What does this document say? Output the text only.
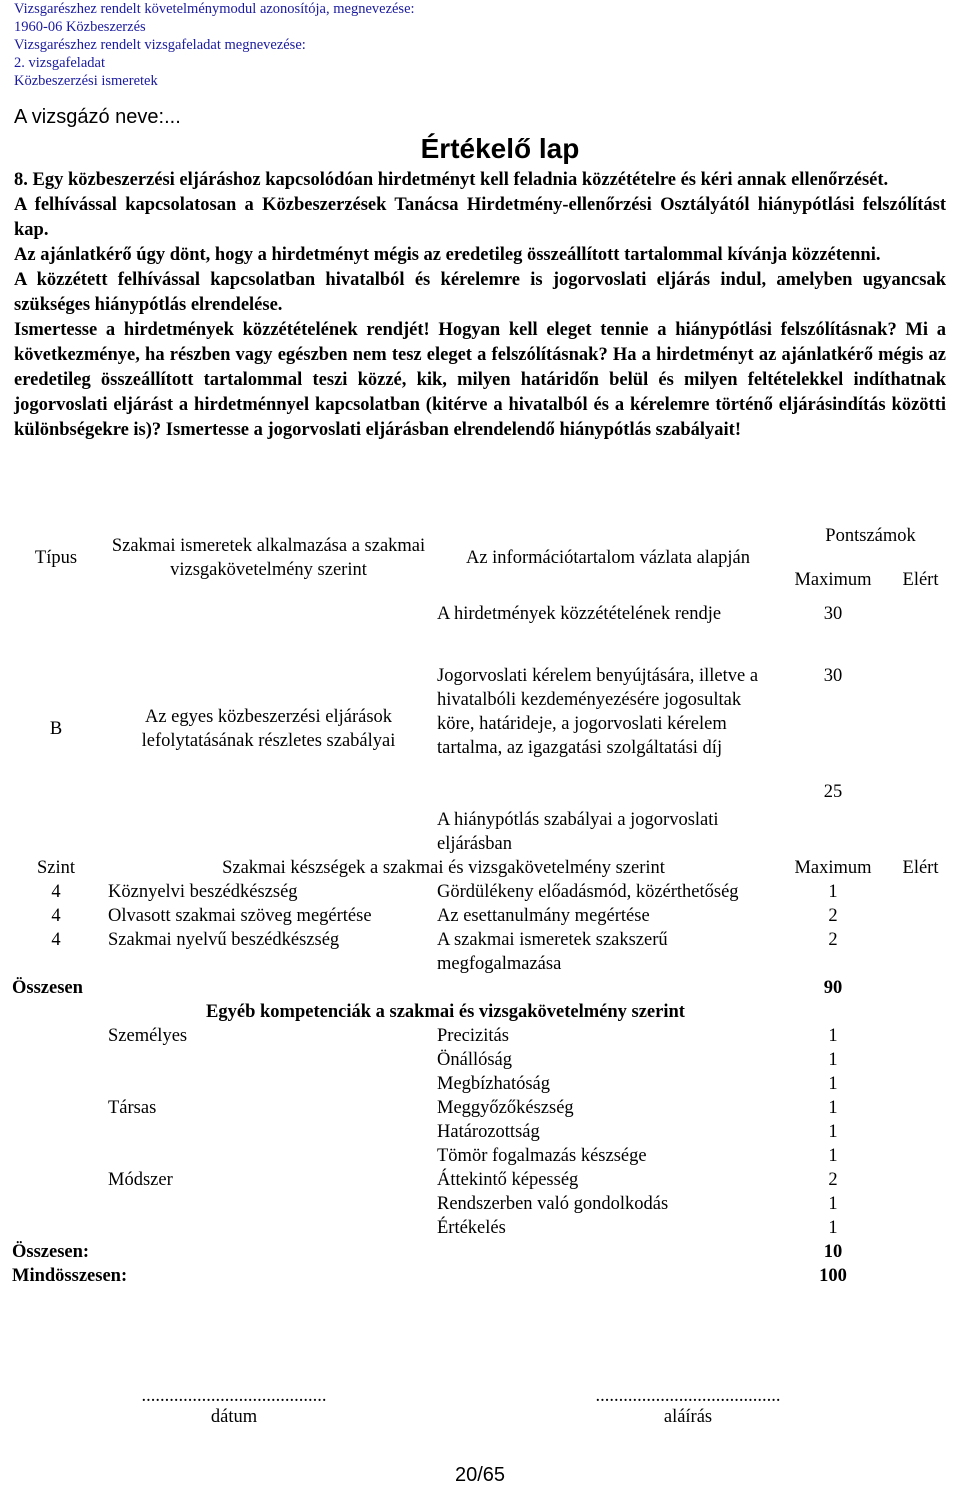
Vizsgarészhez rendelt követelménymodul azonosítója, megnevezése:
1960-06 Közbeszerzés
Vizsgarészhez rendelt vizsgafeladat megnevezése:
2. vizsgafeladat
Közbeszerzési ismeretek
A vizsgázó neve:...
Értékelő lap

8. Egy közbeszerzési eljáráshoz kapcsolódóan hirdetményt kell feladnia közzétételre és kéri annak ellenőrzését.

A felhívással kapcsolatosan a Közbeszerzések Tanácsa Hirdetmény-ellenőrzési Osztályától hiánypótlási felszólítást kap.

Az ajánlatkérő úgy dönt, hogy a hirdetményt mégis az eredetileg összeállított tartalommal kívánja közzétenni.

A közzétett felhívással kapcsolatban hivatalból és kérelemre is jogorvoslati eljárás indul, amelyben ugyancsak szükséges hiánypótlás elrendelése.

Ismertesse a hirdetmények közzétételének rendjét! Hogyan kell eleget tennie a hiánypótlási felszólításnak? Mi a következménye, ha részben vagy egészben nem tesz eleget a felszólításnak? Ha a hirdetményt az ajánlatkérő mégis az eredetileg összeállított tartalommal teszi közzé, kik, milyen határidőn belül és milyen feltételekkel indíthatnak jogorvoslati eljárást a hirdetménnyel kapcsolatban (kitérve a hivatalból és a kérelemre történő eljárásindítás közötti különbségekre is)? Ismertesse a jogorvoslati eljárásban elrendelendő hiánypótlás szabályait!

Típus	Szakmai ismeretek alkalmazása a szakmai vizsgakövetelmény szerint	Az információtartalom vázlata alapján	Pontszámok	
			Maximum	Elért
B	Az egyes közbeszerzési eljárások lefolytatásának részletes szabályai	A hirdetmények közzétételének rendje	30	
		Jogorvoslati kérelem benyújtására, illetve a hivatalbóli kezdeményezésére jogosultak köre, határideje, a jogorvoslati kérelem tartalma, az igazgatási szolgáltatási díj	30	
		A hiánypótlás szabályai a jogorvoslati eljárásban	25	
Szint	Szakmai készségek a szakmai és vizsgakövetelmény szerint		Maximum	Elért
4	Köznyelvi beszédkészség	Gördülékeny előadásmód, közérthetőség	1	
4	Olvasott szakmai szöveg megértése	Az esettanulmány megértése	2	
4	Szakmai nyelvű beszédkészség	A szakmai ismeretek szakszerű megfogalmazása	2	
Összesen			90	
Egyéb kompetenciák a szakmai és vizsgakövetelmény szerint				
	Személyes	Precizitás	1	
		Önállóság	1	
		Megbízhatóság	1	
	Társas	Meggyőzőkészség	1	
		Határozottság	1	
		Tömör fogalmazás készsége	1	
	Módszer	Áttekintő képesség	2	
		Rendszerben való gondolkodás	1	
		Értékelés	1	
Összesen:			10	
Mindösszesen:			100	
........................................
dátum
........................................
aláírás
20/65
